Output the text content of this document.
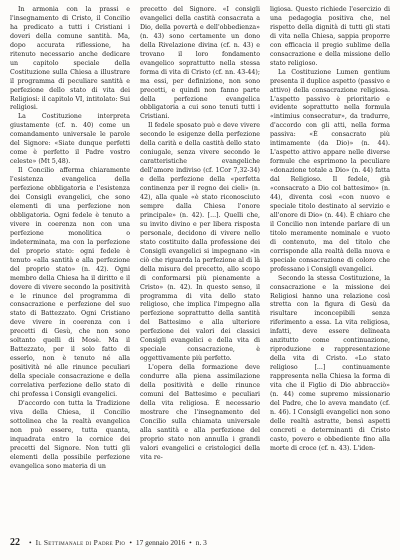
In armonia con la prassi e l'insegnamento di Cristo, il Concilio ha predicato a tutti i Cristiani i doveri della comune santità. Ma, dopo accurata riflessione, ha ritenuto necessario anche dedicare un capitolo speciale della Costituzione sulla Chiesa a illustrare il programma di peculiare santità e perfezione dello stato di vita dei Religiosi: il capitolo VI, intitolato: Sui religiosi.

La Costituzione interpreta giustamente (cf. n. 40) come un comandamento universale le parole del Signore: «Siate dunque perfetti come è perfetto il Padre vostro celeste» (Mt 5,48).

Il Concilio afferma chiaramente l'esistenza evangelica della perfezione obbligatoria e l'esistenza dei Consigli evangelici, che sono elementi di una perfezione non obbligatoria. Ogni fedele è tenuto a vivere in coerenza non con una perfezione monolitica o indeterminata, ma con la perfezione del proprio stato: ogni fedele è tenuto «alla santità e alla perfezione del proprio stato» (n. 42). Ogni membro della Chiesa ha il diritto e il dovere di vivere secondo la positività e le rinunce del programma di consacrazione e perfezione del suo stato di Battezzato. Ogni Cristiano deve vivere in coerenza con i precetti di Gesù, che non sono soltanto quelli di Mosè. Ma il Battezzato, per il solo fatto di esserlo, non è tenuto né alla positività né alle rinunce peculiari della speciale consacrazione e della correlativa perfezione dello stato di chi professa i Consigli evangelici.

D'accordo con tutta la Tradizione viva della Chiesa, il Concilio sottolinea che la realtà evangelica non può essere, tutta quanta, inquadrata entro la cornice dei precetti del Signore. Non tutti gli elementi della possibile perfezione evangelica sono materia di un

precetto del Signore. «I consigli evangelici della castità consacrata a Dio, della povertà e dell'obbedienza» (n. 43) sono certamente un dono della Rivelazione divina (cf. n. 43) e trovano il loro fondamento evangelico soprattutto nella stessa forma di vita di Cristo (cf. nn. 43-44); ma essi, per definizione, non sono precetti, e quindi non fanno parte della perfezione evangelica obbligatoria a cui sono tenuti tutti i Cristiani.

Il fedele sposato può e deve vivere secondo le esigenze della perfezione della carità e della castità dello stato coniugale, senza vivere secondo le caratteristiche evangeliche dell'amore indiviso (cf. 1Cor 7,32-34) e della perfezione della «perfetta continenza per il regno dei cieli» (n. 42), alla quale «è stato riconosciuto sempre dalla Chiesa l'onore principale» (n. 42). [...]. Quelli che, su invito divino e per libera risposta personale, decidono di vivere nello stato costituito dalla professione dei Consigli evangelici si impegnano «in ciò che riguarda la perfezione al di là della misura del precetto, allo scopo di conformarsi più pienamente a Cristo» (n. 42). In questo senso, il programma di vita dello stato religioso, che implica l'impegno alla perfezione soprattutto della santità del Battesimo e alla ulteriore perfezione dei valori dei classici Consigli evangelici e della vita di speciale consacrazione, è oggettivamente più perfetto.

L'opera della formazione deve condurre alla piena assimilazione della positività e delle rinunce comuni del Battesimo e peculiari della vita religiosa. È necessario mostrare che l'insegnamento del Concilio sulla chiamata universale alla santità e alla perfezione del proprio stato non annulla i grandi valori evangelici e cristologici della vita re-

ligiosa. Questo richiede l'esercizio di una pedagogia positiva che, nel rispetto della dignità di tutti gli stati di vita nella Chiesa, sappia proporre con efficacia il pregio sublime della consacrazione e della missione dello stato religioso.

La Costituzione Lumen gentium presenta il duplice aspetto (passivo e attivo) della consacrazione religiosa. L'aspetto passivo è prioritario e evidente soprattutto nella formula «intimius consecratur», da tradurre, d'accordo con gli atti, nella forma passiva: «È consacrato più intimamente (da Dio)» (n. 44). L'aspetto attivo appare nelle diverse formule che esprimono la peculiare «donazione totale a Dio» (n. 44) fatta dal Religioso. Il fedele, già «consacrato a Dio col battesimo» (n. 44), diventa così «con nuovo e speciale titolo destinato al servizio e all'onore di Dio» (n. 44). È chiaro che il Concilio non intende parlare di un titolo meramente nominale e vuoto di contenuto, ma del titolo che corrisponde alla realtà della nuova e speciale consacrazione di coloro che professano i Consigli evangelici.

Secondo la stessa Costituzione, la consacrazione e la missione dei Religiosi hanno una relazione così stretta con la figura di Gesù da risultare inconcepibili senza riferimento a essa. La vita religiosa, infatti, deve essere delineata anzitutto come continuazione, riproduzione e rappresentazione della vita di Cristo. «Lo stato religioso [...] continuamente rappresenta nella Chiesa la forma di vita che il Figlio di Dio abbracciò» (n. 44) come supremo missionario del Padre, che lo aveva mandato (cf. n. 46). I Consigli evangelici non sono delle realtà astratte, bensì aspetti concreti e determinanti di Cristo casto, povero e obbediente fino alla morte di croce (cf. n. 43). L'iden-

22 • Il Settimanale di Padre Pio • 17 gennaio 2016 • n. 3
